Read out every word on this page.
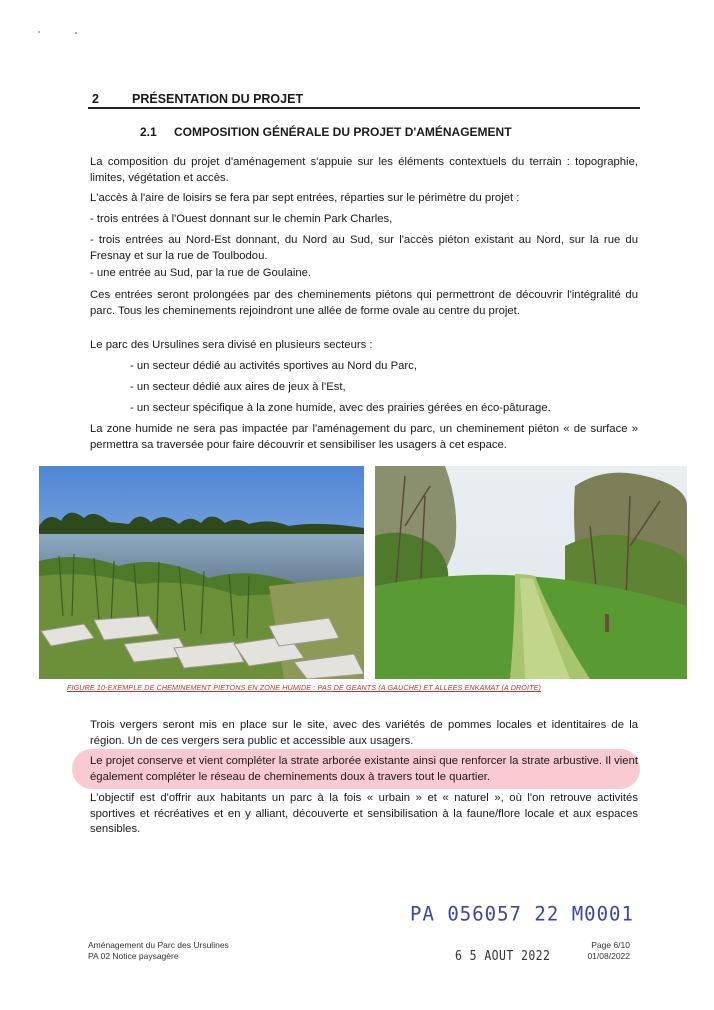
2	PRÉSENTATION DU PROJET
2.1 COMPOSITION GÉNÉRALE DU PROJET D'AMÉNAGEMENT

La composition du projet d'aménagement s'appuie sur les éléments contextuels du terrain : topographie, limites, végétation et accès.

L'accès à l'aire de loisirs se fera par sept entrées, réparties sur le périmètre du projet :

- trois entrées à l'Ouest donnant sur le chemin Park Charles,

- trois entrées au Nord-Est donnant, du Nord au Sud, sur l'accès piéton existant au Nord, sur la rue du Fresnay et sur la rue de Toulbodou.

- une entrée au Sud, par la rue de Goulaine.

Ces entrées seront prolongées par des cheminements piétons qui permettront de découvrir l'intégralité du parc. Tous les cheminements rejoindront une allée de forme ovale au centre du projet.

Le parc des Ursulines sera divisé en plusieurs secteurs :

- un secteur dédié au activités sportives au Nord du Parc,

- un secteur dédié aux aires de jeux à l'Est,

- un secteur spécifique à la zone humide, avec des prairies gérées en éco-pâturage.

La zone humide ne sera pas impactée par l'aménagement du parc, un cheminement piéton « de surface » permettra sa traversée pour faire découvrir et sensibiliser les usagers à cet espace.

FIGURE 10-EXEMPLE DE CHEMINEMENT PIETONS EN ZONE HUMIDE : PAS DE GEANTS (A GAUCHE) ET ALLEES ENKAMAT (A DROITE)

Trois vergers seront mis en place sur le site, avec des variétés de pommes locales et identitaires de la région. Un de ces vergers sera public et accessible aux usagers.

Le projet conserve et vient compléter la strate arborée existante ainsi que renforcer la strate arbustive. Il vient également compléter le réseau de cheminements doux à travers tout le quartier.

L'objectif est d'offrir aux habitants un parc à la fois « urbain » et « naturel », où l'on retrouve activités sportives et récréatives et en y alliant, découverte et sensibilisation à la faune/flore locale et aux espaces sensibles.

PA 056057 22 M0001
6 5 AOUT 2022
Aménagement du Parc des Ursulines
PA 02 Notice paysagère
Page 6/10
01/08/2022
